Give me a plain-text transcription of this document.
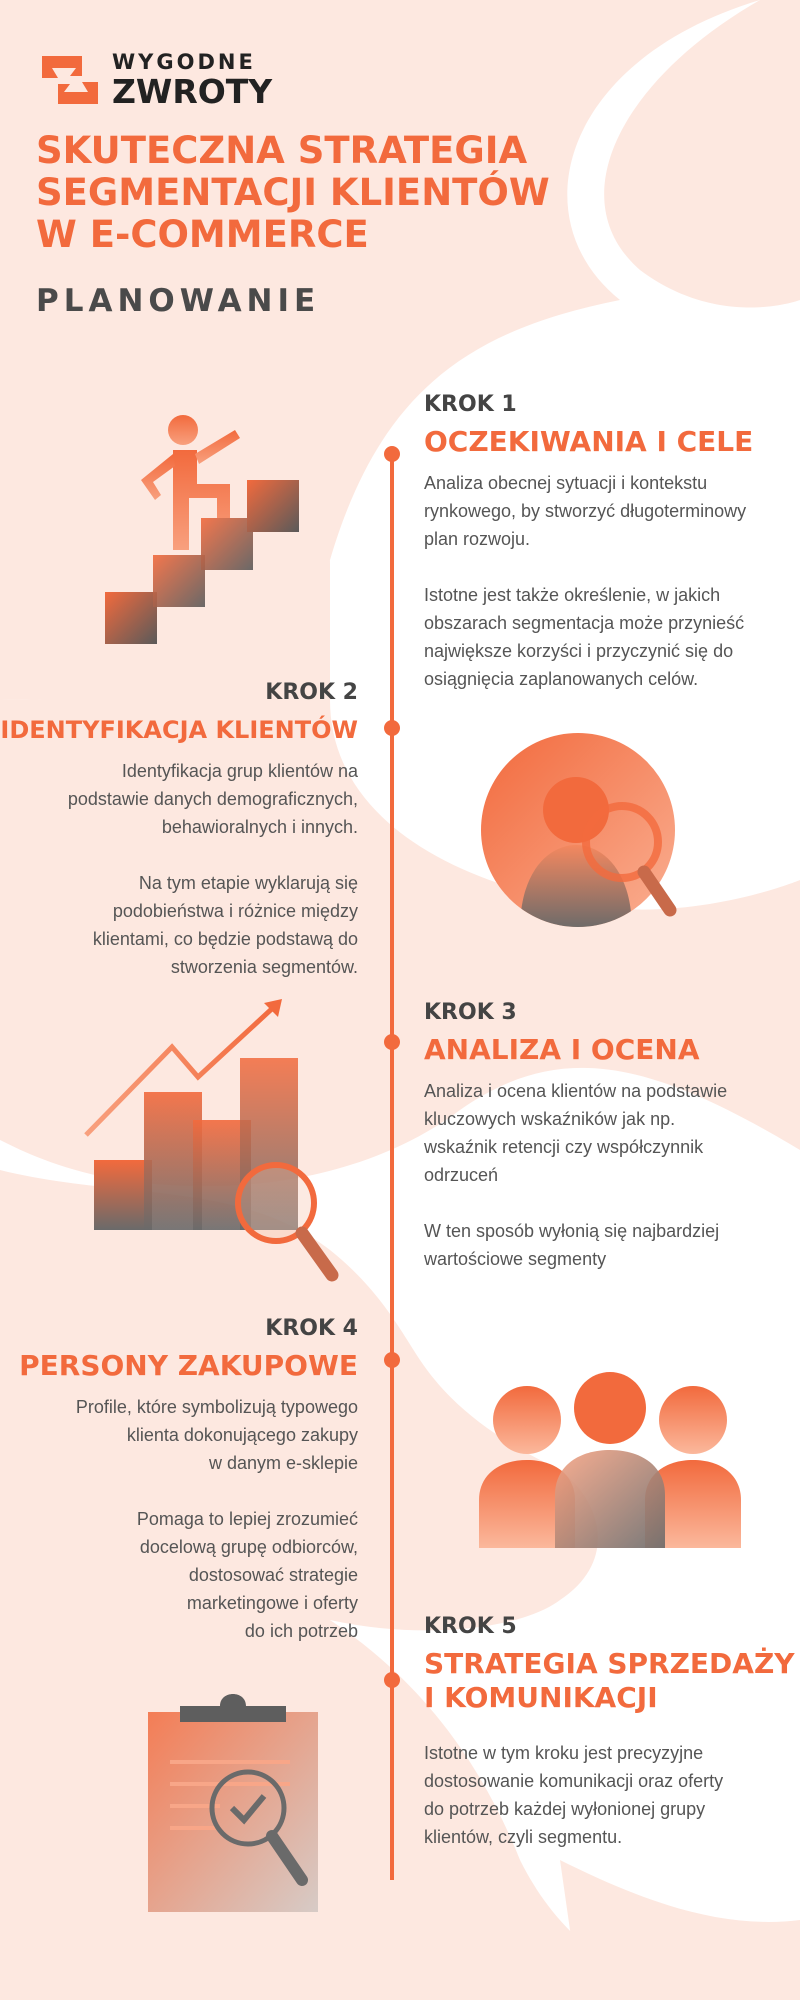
WYGODNE
ZWROTY
SKUTECZNA STRATEGIA
SEGMENTACJI KLIENTÓW
W E-COMMERCE
PLANOWANIE
KROK 1
OCZEKIWANIA I CELE

Analiza obecnej sytuacji i kontekstu
rynkowego, by stworzyć długoterminowy
plan rozwoju.

Istotne jest także określenie, w jakich
obszarach segmentacja może przynieść
największe korzyści i przyczynić się do
osiągnięcia zaplanowanych celów.

KROK 2
IDENTYFIKACJA KLIENTÓW

Identyfikacja grup klientów na
podstawie danych demograficznych,
behawioralnych i innych.

Na tym etapie wyklarują się
podobieństwa i różnice między
klientami, co będzie podstawą do
stworzenia segmentów.

KROK 3
ANALIZA I OCENA

Analiza i ocena klientów na podstawie
kluczowych wskaźników jak np.
wskaźnik retencji czy współczynnik
odrzuceń

W ten sposób wyłonią się najbardziej
wartościowe segmenty

KROK 4
PERSONY ZAKUPOWE

Profile, które symbolizują typowego
klienta dokonującego zakupy
w danym e-sklepie

Pomaga to lepiej zrozumieć
docelową grupę odbiorców,
dostosować strategie
marketingowe i oferty
do ich potrzeb	KROK 5
STRATEGIA SPRZEDAŻY
I KOMUNIKACJI

Istotne w tym kroku jest precyzyjne
dostosowanie komunikacji oraz oferty
do potrzeb każdej wyłonionej grupy
klientów, czyli segmentu.
